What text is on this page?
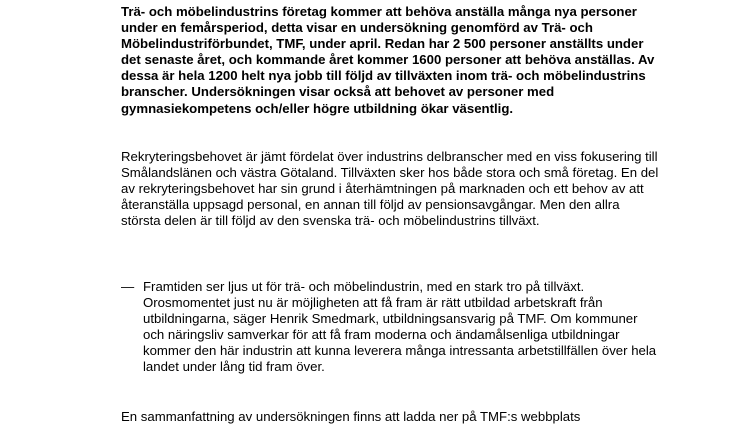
Trä- och möbelindustrins företag kommer att behöva anställa många nya personer under en femårsperiod, detta visar en undersökning genomförd av Trä- och Möbelindustriförbundet, TMF, under april. Redan har 2 500 personer anställts under det senaste året, och kommande året kommer 1600 personer att behöva anställas. Av dessa är hela 1200 helt nya jobb till följd av tillväxten inom trä- och möbelindustrins branscher. Undersökningen visar också att behovet av personer med gymnasiekompetens och/eller högre utbildning ökar väsentlig.

Rekryteringsbehovet är jämt fördelat över industrins delbranscher med en viss fokusering till Smålandslänen och västra Götaland. Tillväxten sker hos både stora och små företag. En del av rekryteringsbehovet har sin grund i återhämtningen på marknaden och ett behov av att återanställa uppsagd personal, en annan till följd av pensionsavgångar. Men den allra största delen är till följd av den svenska trä- och möbelindustrins tillväxt.

— Framtiden ser ljus ut för trä- och möbelindustrin, med en stark tro på tillväxt. Orosmomentet just nu är möjligheten att få fram är rätt utbildad arbetskraft från utbildningarna, säger Henrik Smedmark, utbildningsansvarig på TMF. Om kommuner och näringsliv samverkar för att få fram moderna och ändamålsenliga utbildningar kommer den här industrin att kunna leverera många intressanta arbetstillfällen över hela landet under lång tid fram över.

En sammanfattning av undersökningen finns att ladda ner på TMF:s webbplats
